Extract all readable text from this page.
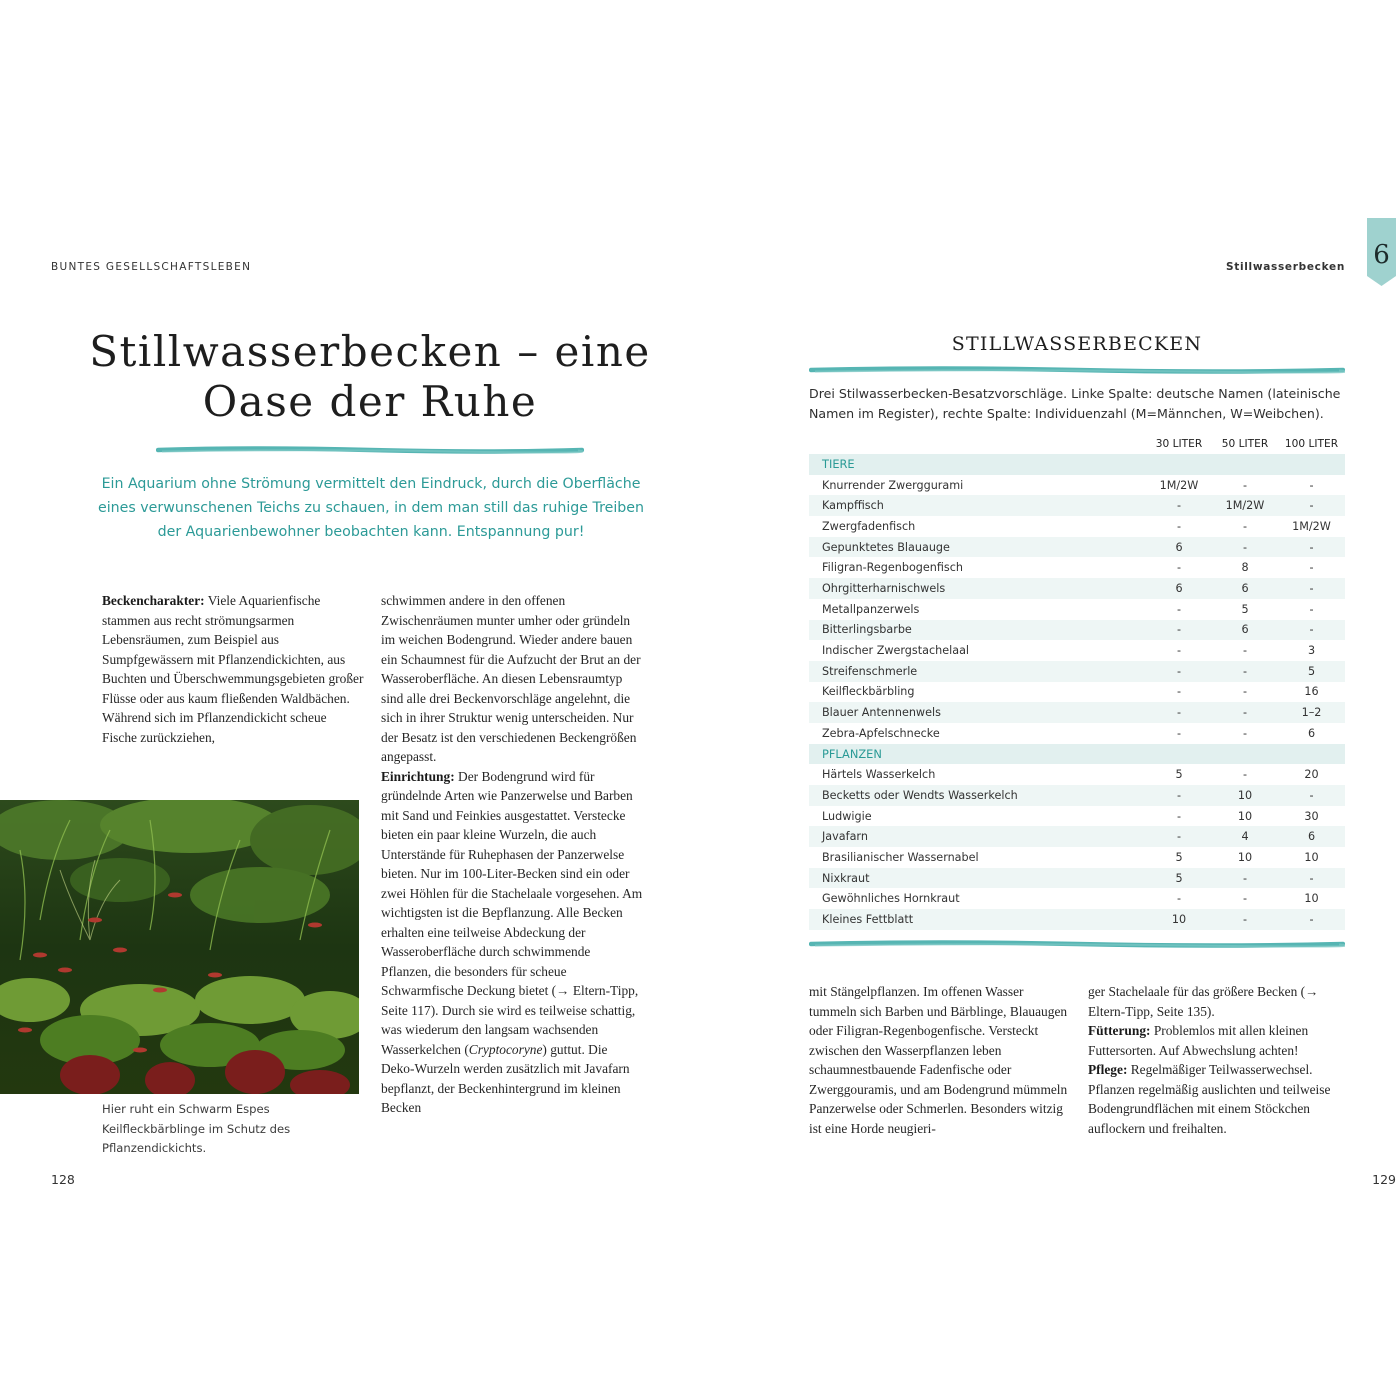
BUNTES GESELLSCHAFTSLEBEN
Stillwasserbecken – eine
Oase der Ruhe
Ein Aquarium ohne Strömung vermittelt den Eindruck, durch die Oberfläche eines verwunschenen Teichs zu schauen, in dem man still das ruhige Treiben der Aquarienbewohner beobachten kann. Entspannung pur!
Beckencharakter: Viele Aquarienfische stammen aus recht strömungsarmen Lebensräumen, zum Beispiel aus Sumpfgewässern mit Pflanzendickichten, aus Buchten und Überschwemmungsgebieten großer Flüsse oder aus kaum fließenden Waldbächen. Während sich im Pflanzendickicht scheue Fische zurückziehen,
schwimmen andere in den offenen Zwischenräumen munter umher oder gründeln im weichen Bodengrund. Wieder andere bauen ein Schaumnest für die Aufzucht der Brut an der Wasseroberfläche. An diesen Lebensraumtyp sind alle drei Beckenvorschläge angelehnt, die sich in ihrer Struktur wenig unterscheiden. Nur der Besatz ist den verschiedenen Beckengrößen angepasst.
Einrichtung: Der Bodengrund wird für gründelnde Arten wie Panzerwelse und Barben mit Sand und Feinkies ausgestattet. Verstecke bieten ein paar kleine Wurzeln, die auch Unterstände für Ruhephasen der Panzerwelse bieten. Nur im 100-Liter-Becken sind ein oder zwei Höhlen für die Stachelaale vorgesehen. Am wichtigsten ist die Bepflanzung. Alle Becken erhalten eine teilweise Abdeckung der Wasseroberfläche durch schwimmende Pflanzen, die besonders für scheue Schwarmfische Deckung bietet (→ Eltern-Tipp, Seite 117). Durch sie wird es teilweise schattig, was wiederum den langsam wachsenden Wasserkelchen (Cryptocoryne) guttut. Die Deko-Wurzeln werden zusätzlich mit Javafarn bepflanzt, der Beckenhintergrund im kleinen Becken
Hier ruht ein Schwarm Espes Keilfleckbärblinge im Schutz des Pflanzendickichts.
128
Stillwasserbecken 6
STILLWASSERBECKEN
Drei Stilwasserbecken-Besatzvorschläge. Linke Spalte: deutsche Namen (lateinische Namen im Register), rechte Spalte: Individuenzahl (M=Männchen, W=Weibchen).
30 LITER	50 LITER	100 LITER
TIERE
Knurrender Zwerggurami	1M/2W	-	-
Kampffisch	-	1M/2W	-
Zwergfadenfisch	-	-	1M/2W
Gepunktetes Blauauge	6	-	-
Filigran-Regenbogenfisch	-	8	-
Ohrgitterharnischwels	6	6	-
Metallpanzerwels	-	5	-
Bitterlingsbarbe	-	6	-
Indischer Zwergstachelaal	-	-	3
Streifenschmerle	-	-	5
Keilfleckbärbling	-	-	16
Blauer Antennenwels	-	-	1–2
Zebra-Apfelschnecke	-	-	6
PFLANZEN
Härtels Wasserkelch	5	-	20
Becketts oder Wendts Wasserkelch	-	10	-
Ludwigie	-	10	30
Javafarn	-	4	6
Brasilianischer Wassernabel	5	10	10
Nixkraut	5	-	-
Gewöhnliches Hornkraut	-	-	10
Kleines Fettblatt	10	-	-
mit Stängelpflanzen. Im offenen Wasser tummeln sich Barben und Bärblinge, Blauaugen oder Filigran-Regenbogenfische. Versteckt zwischen den Wasserpflanzen leben schaumnestbauende Fadenfische oder Zwerggouramis, und am Bodengrund mümmeln Panzerwelse oder Schmerlen. Besonders witzig ist eine Horde neugieri-
ger Stachelaale für das größere Becken (→ Eltern-Tipp, Seite 135).
Fütterung: Problemlos mit allen kleinen Futtersorten. Auf Abwechslung achten!
Pflege: Regelmäßiger Teilwasserwechsel. Pflanzen regelmäßig auslichten und teilweise Bodengrundflächen mit einem Stöckchen auflockern und freihalten.
129
